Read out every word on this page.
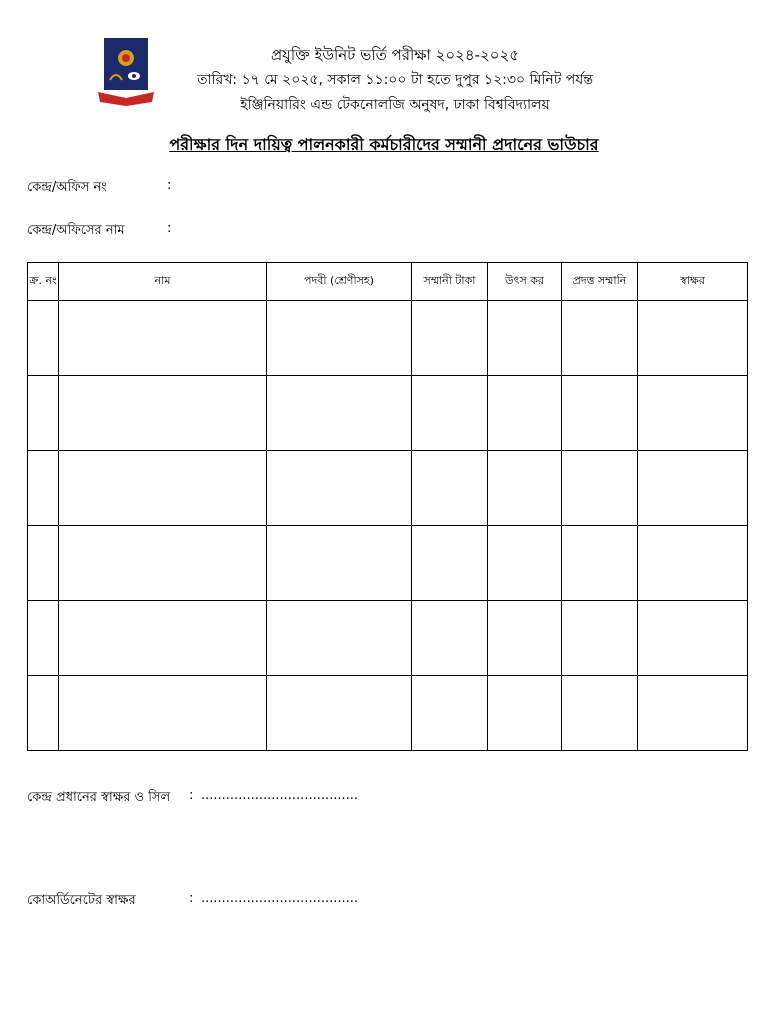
প্রযুক্তি ইউনিট ভর্তি পরীক্ষা ২০২৪-২০২৫
তারিখ: ১৭ মে ২০২৫, সকাল ১১:০০ টা হতে দুপুর ১২:৩০ মিনিট পর্যন্ত
ইঞ্জিনিয়ারিং এন্ড টেকনোলজি অনুষদ, ঢাকা বিশ্ববিদ্যালয়
পরীক্ষার দিন দায়িত্ব পালনকারী কর্মচারীদের সম্মানী প্রদানের ভাউচার
কেন্দ্র/অফিস নং	:
কেন্দ্র/অফিসের নাম	:
ক্র. নং	নাম	পদবী (শ্রেণীসহ)	সম্মানী টাকা	উৎস কর	প্রদত্ত সম্মানি	স্বাক্ষর

কেন্দ্র প্রধানের স্বাক্ষর ও সিল : ......................................
কোঅর্ডিনেটের স্বাক্ষর	: ......................................
